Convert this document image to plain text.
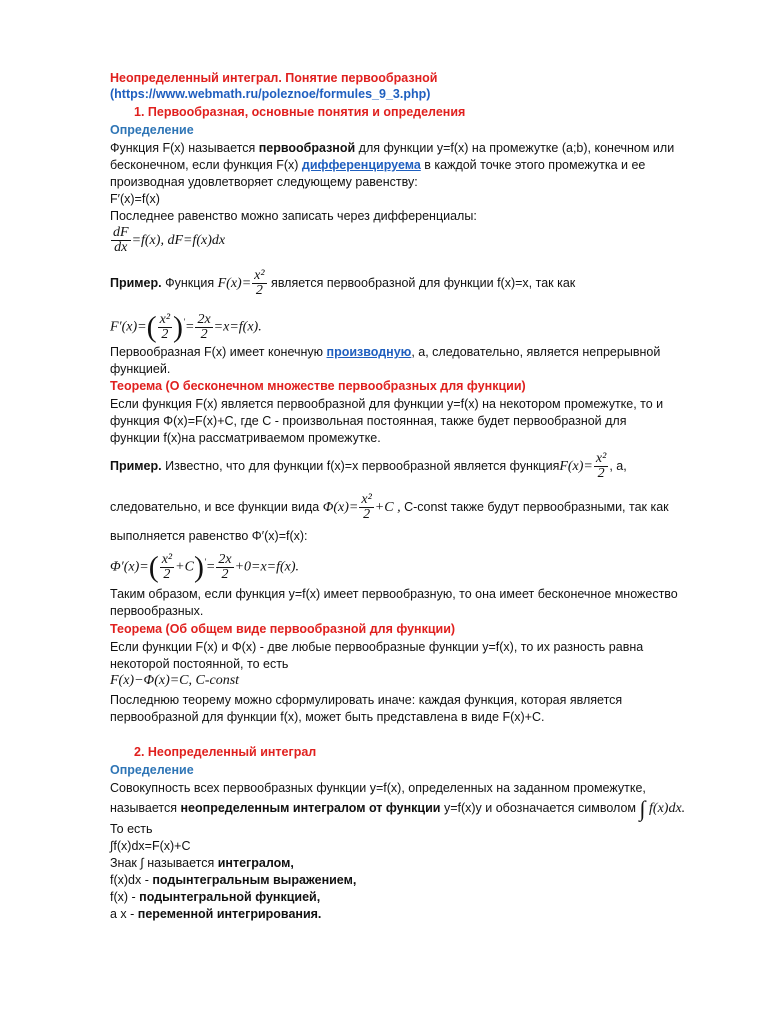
Неопределенный интеграл. Понятие первообразной
(https://www.webmath.ru/poleznoe/formules_9_3.php)
1. Первообразная, основные понятия и определения
Определение
Функция F(x) называется первообразной для функции y=f(x) на промежутке (a;b), конечном или
бесконечном, если функция F(x) дифференцируема в каждой точке этого промежутка и ее
производная удовлетворяет следующему равенству:
F′(x)=f(x)
Последнее равенство можно записать через дифференциалы:
$\frac{dF}{dx} =f(x)$, dF=f(x)dx
Пример. Функция $F(x)= \frac{\text{x²}}{2}$ является первообразной для функции f(x)=x, так как
$F'(x)=( \frac{\text{x²}}{2} )'= \frac{2x}{2} =x=f(x)$.
Первообразная F(x) имеет конечную производную, а, следовательно, является непрерывной
функцией.
Теорема (О бесконечном множестве первообразных для функции)
Если функция F(x) является первообразной для функции y=f(x) на некотором промежутке, то и
функция Φ(x)=F(x)+C, где C - произвольная постоянная, также будет первообразной для
функции f(x)на рассматриваемом промежутке.
Пример. Известно, что для функции f(x)=x первообразной является функцияF(x)= $\frac{\text{x²}}{2}$ , а,
следовательно, и все функции вида $\Phi(x)= \frac{\text{x²}}{2} +C$ , C-const также будут первообразными, так как
выполняется равенство Φ′(x)=f(x):
$\Phi'(x)=( \frac{\text{x²}}{2} +C)'= \frac{2x}{2} +0=x=f(x)$.
Таким образом, если функция y=f(x) имеет первообразную, то она имеет бесконечное множество
первообразных.
Теорема (Об общем виде первообразной для функции)
Если функции F(x) и Φ(x) - две любые первообразные функции y=f(x), то их разность равна
некоторой постоянной, то есть
F(x)−Φ(x)=C, C-const
Последнюю теорему можно сформулировать иначе: каждая функция, которая является
первообразной для функции f(x), может быть представлена в виде F(x)+C.
2. Неопределенный интеграл
Определение
Совокупность всех первообразных функции y=f(x), определенных на заданном промежутке,
называется неопределенным интегралом от функции y=f(x)y и обозначается символом ∫ f(x)dx.
То есть
∫f(x)dx=F(x)+C
Знак ∫ называется интегралом,
f(x)dx - подынтегральным выражением,
f(x) - подынтегральной функцией,
а x - переменной интегрирования.
